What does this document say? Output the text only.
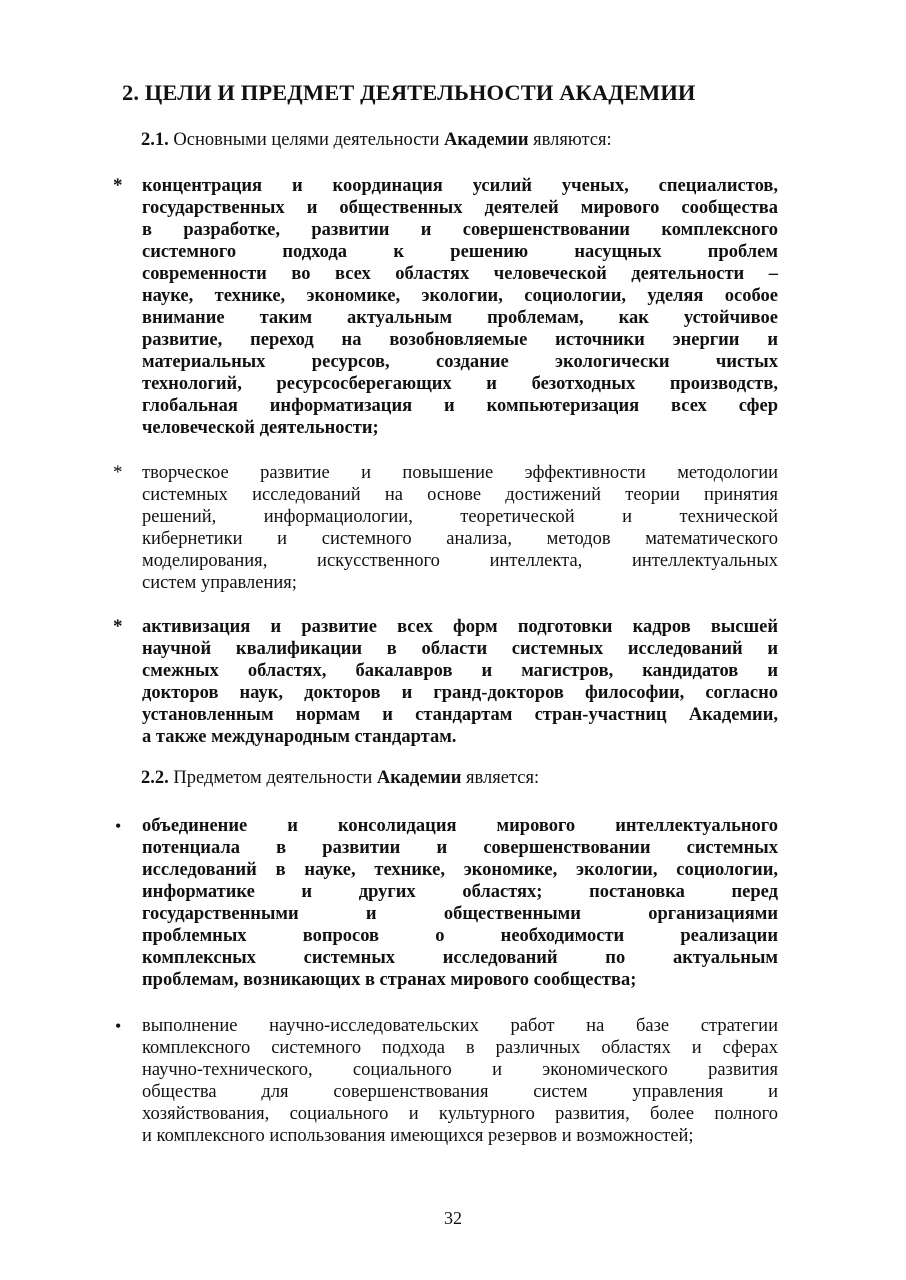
2. ЦЕЛИ И ПРЕДМЕТ ДЕЯТЕЛЬНОСТИ АКАДЕМИИ

2.1. Основными целями деятельности Академии являются:

*	концентрация и координация усилий ученых, специалистов,
государственных и общественных деятелей мирового сообщества
в разработке, развитии и совершенствовании комплексного
системного подхода к решению насущных проблем
современности во всех областях человеческой деятельности –
науке, технике, экономике, экологии, социологии, уделяя особое
внимание таким актуальным проблемам, как устойчивое
развитие, переход на возобновляемые источники энергии и
материальных ресурсов, создание экологически чистых
технологий, ресурсосберегающих и безотходных производств,
глобальная информатизация и компьютеризация всех сфер
человеческой деятельности;
*	творческое развитие и повышение эффективности методологии
системных исследований на основе достижений теории принятия
решений, информациологии, теоретической и технической
кибернетики и системного анализа, методов математического
моделирования, искусственного интеллекта, интеллектуальных
систем управления;
*	активизация и развитие всех форм подготовки кадров высшей
научной квалификации в области системных исследований и
смежных областях, бакалавров и магистров, кандидатов и
докторов наук, докторов и гранд-докторов философии, согласно
установленным нормам и стандартам стран-участниц Академии,
а также международным стандартам.

2.2. Предметом деятельности Академии является:

•	объединение и консолидация мирового интеллектуального
потенциала в развитии и совершенствовании системных
исследований в науке, технике, экономике, экологии, социологии,
информатике и других областях; постановка перед
государственными и общественными организациями
проблемных вопросов о необходимости реализации
комплексных системных исследований по актуальным
проблемам, возникающих в странах мирового сообщества;
•	выполнение научно-исследовательских работ на базе стратегии
комплексного системного подхода в различных областях и сферах
научно-технического, социального и экономического развития
общества для совершенствования систем управления и
хозяйствования, социального и культурного развития, более полного
и комплексного использования имеющихся резервов и возможностей;
32
